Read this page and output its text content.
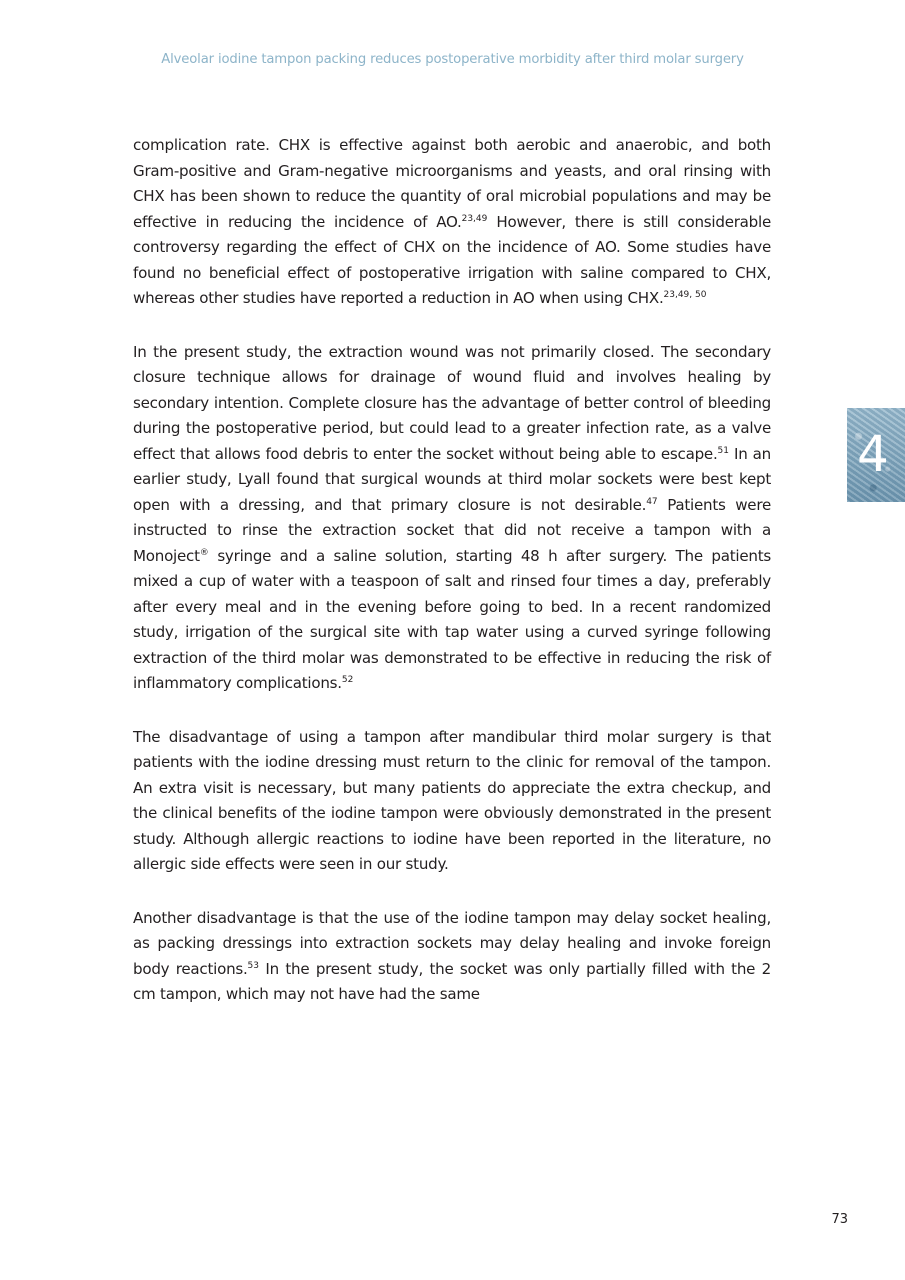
Alveolar iodine tampon packing reduces postoperative morbidity after third molar surgery
4

complication rate. CHX is effective against both aerobic and anaerobic, and both Gram-positive and Gram-negative microorganisms and yeasts, and oral rinsing with CHX has been shown to reduce the quantity of oral microbial populations and may be effective in reducing the incidence of AO.$^{23,49}$ However, there is still considerable controversy regarding the effect of CHX on the incidence of AO. Some studies have found no beneficial effect of postoperative irrigation with saline compared to CHX, whereas other studies have reported a reduction in AO when using CHX.$^{23,49, 50}$

In the present study, the extraction wound was not primarily closed. The secondary closure technique allows for drainage of wound fluid and involves healing by secondary intention. Complete closure has the advantage of better control of bleeding during the postoperative period, but could lead to a greater infection rate, as a valve effect that allows food debris to enter the socket without being able to escape.$^{51}$ In an earlier study, Lyall found that surgical wounds at third molar sockets were best kept open with a dressing, and that primary closure is not desirable.$^{47}$ Patients were instructed to rinse the extraction socket that did not receive a tampon with a Monoject® syringe and a saline solution, starting 48 h after surgery. The patients mixed a cup of water with a teaspoon of salt and rinsed four times a day, preferably after every meal and in the evening before going to bed. In a recent randomized study, irrigation of the surgical site with tap water using a curved syringe following extraction of the third molar was demonstrated to be effective in reducing the risk of inflammatory complications.$^{52}$

The disadvantage of using a tampon after mandibular third molar surgery is that patients with the iodine dressing must return to the clinic for removal of the tampon. An extra visit is necessary, but many patients do appreciate the extra checkup, and the clinical benefits of the iodine tampon were obviously demonstrated in the present study. Although allergic reactions to iodine have been reported in the literature, no allergic side effects were seen in our study.

Another disadvantage is that the use of the iodine tampon may delay socket healing, as packing dressings into extraction sockets may delay healing and invoke foreign body reactions.$^{53}$ In the present study, the socket was only partially filled with the 2 cm tampon, which may not have had the same

73
